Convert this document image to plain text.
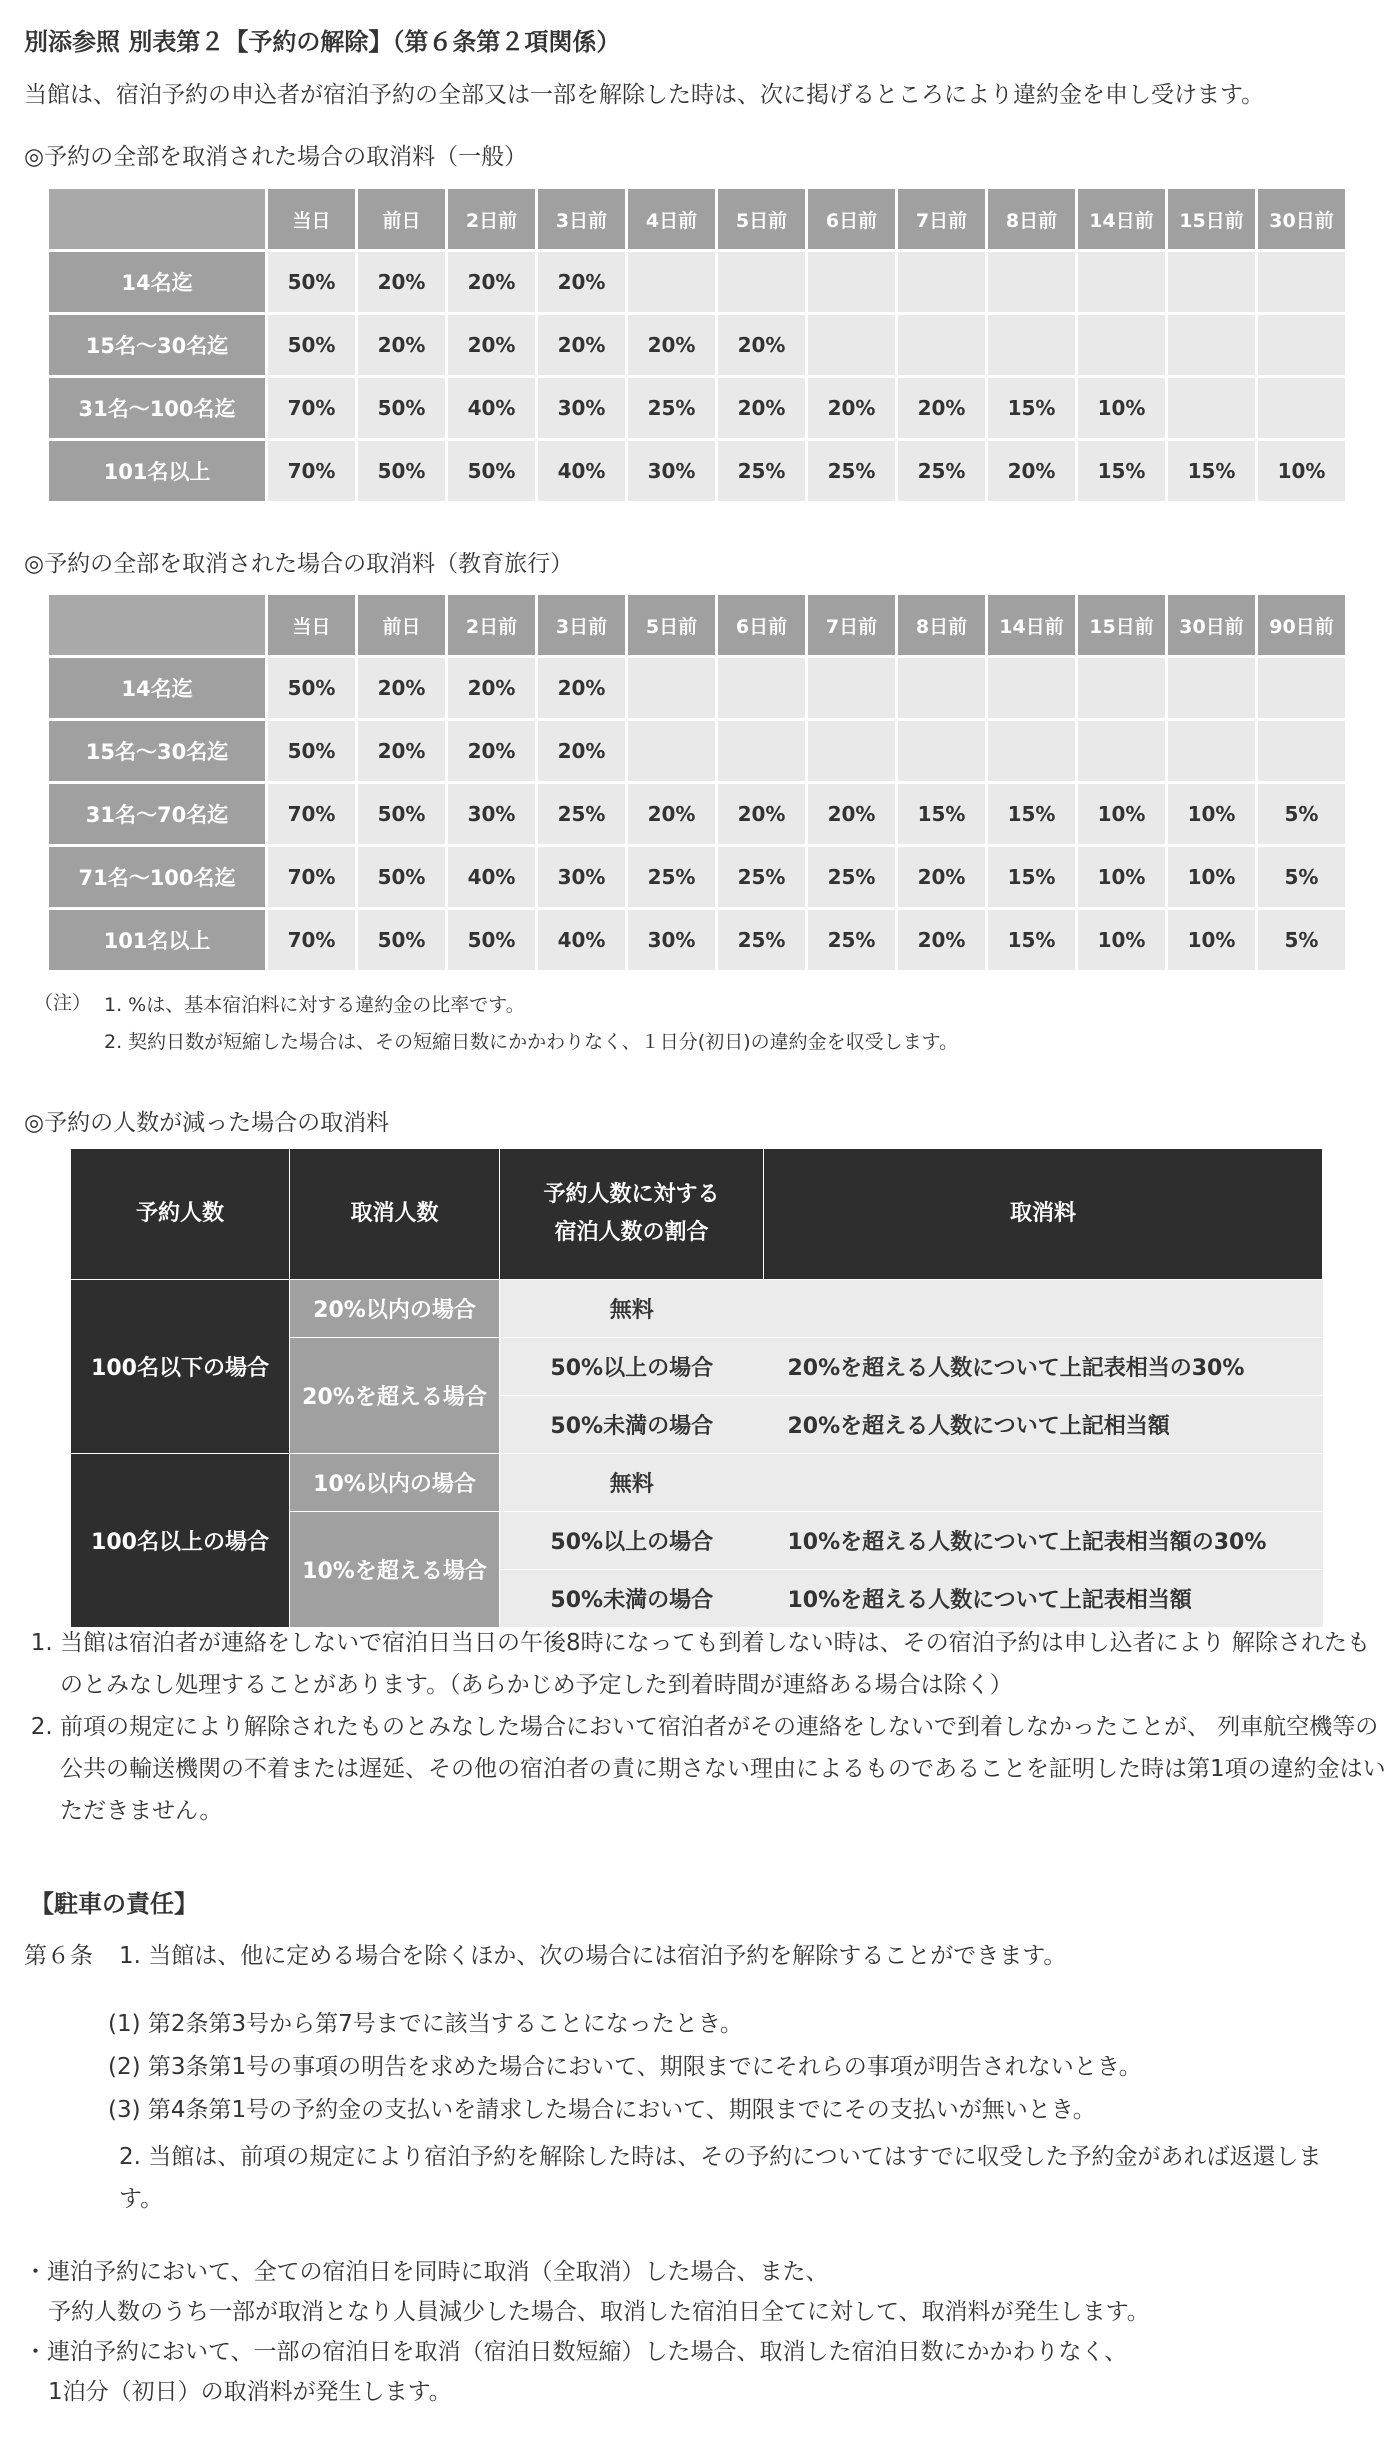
別添参照 別表第２【予約の解除】（第６条第２項関係）
当館は、宿泊予約の申込者が宿泊予約の全部又は一部を解除した時は、次に掲げるところにより違約金を申し受けます。
◎予約の全部を取消された場合の取消料（一般）
	当日	前日	2日前	3日前	4日前	5日前	6日前	7日前	8日前	14日前	15日前	30日前
14名迄	50%	20%	20%	20%								
15名～30名迄	50%	20%	20%	20%	20%	20%						
31名～100名迄	70%	50%	40%	30%	25%	20%	20%	20%	15%	10%		
101名以上	70%	50%	50%	40%	30%	25%	25%	25%	20%	15%	15%	10%
◎予約の全部を取消された場合の取消料（教育旅行）
	当日	前日	2日前	3日前	5日前	6日前	7日前	8日前	14日前	15日前	30日前	90日前
14名迄	50%	20%	20%	20%								
15名～30名迄	50%	20%	20%	20%								
31名～70名迄	70%	50%	30%	25%	20%	20%	20%	15%	15%	10%	10%	5%
71名～100名迄	70%	50%	40%	30%	25%	25%	25%	20%	15%	10%	10%	5%
101名以上	70%	50%	50%	40%	30%	25%	25%	20%	15%	10%	10%	5%
（注） 1. %は、基本宿泊料に対する違約金の比率です。
2. 契約日数が短縮した場合は、その短縮日数にかかわりなく、１日分(初日)の違約金を収受します。
◎予約の人数が減った場合の取消料
予約人数	取消人数	予約人数に対する
宿泊人数の割合	取消料
100名以下の場合	20%以内の場合	無料	
	20%を超える場合	50%以上の場合	20%を超える人数について上記表相当の30%
		50%未満の場合	20%を超える人数について上記相当額
100名以上の場合	10%以内の場合	無料	
	10%を超える場合	50%以上の場合	10%を超える人数について上記表相当額の30%
		50%未満の場合	10%を超える人数について上記表相当額
1. 当館は宿泊者が連絡をしないで宿泊日当日の午後8時になっても到着しない時は、その宿泊予約は申し込者により 解除されたものとみなし処理することがあります。（あらかじめ予定した到着時間が連絡ある場合は除く）
2. 前項の規定により解除されたものとみなした場合において宿泊者がその連絡をしないで到着しなかったことが、 列車航空機等の公共の輸送機関の不着または遅延、その他の宿泊者の責に期さない理由によるものであることを証明した時は第1項の違約金はいただきません。
【駐車の責任】
第６条 1. 当館は、他に定める場合を除くほか、次の場合には宿泊予約を解除することができます。
(1) 第2条第3号から第7号までに該当することになったとき。
(2) 第3条第1号の事項の明告を求めた場合において、期限までにそれらの事項が明告されないとき。
(3) 第4条第1号の予約金の支払いを請求した場合において、期限までにその支払いが無いとき。
2. 当館は、前項の規定により宿泊予約を解除した時は、その予約についてはすでに収受した予約金があれば返還します。
・連泊予約において、全ての宿泊日を同時に取消（全取消）した場合、また、
予約人数のうち一部が取消となり人員減少した場合、取消した宿泊日全てに対して、取消料が発生します。
・連泊予約において、一部の宿泊日を取消（宿泊日数短縮）した場合、取消した宿泊日数にかかわりなく、
1泊分（初日）の取消料が発生します。
